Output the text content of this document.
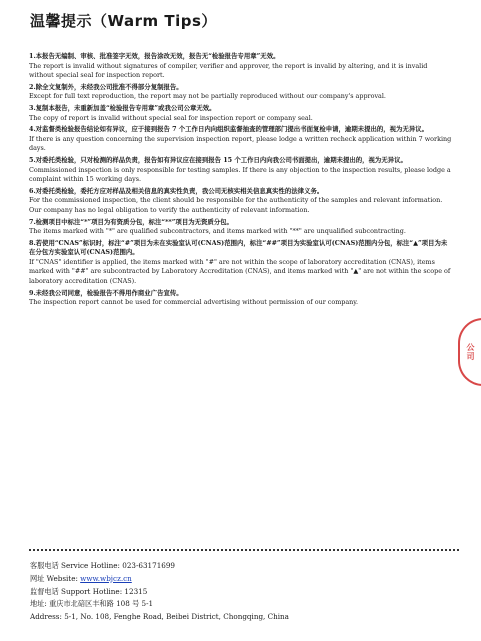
温馨提示（Warm Tips）
1.本报告无编制、审核、批准签字无效，报告涂改无效，报告无“检验报告专用章”无效。
The report is invalid without signatures of compiler, verifier and approver, the report is invalid by altering, and it is invalid without special seal for inspection report.
2.除全文复制外，未经我公司批准不得部分复制报告。
Except for full text reproduction, the report may not be partially reproduced without our company's approval.
3.复制本报告，未重新加盖“检验报告专用章”或我公司公章无效。
The copy of report is invalid without special seal for inspection report or company seal.
4.对监督类检验报告结论如有异议，应于接到报告 7 个工作日内向组织监督抽查的管理部门提出书面复检申请，逾期未提出的，视为无异议。
If there is any question concerning the supervision inspection report, please lodge a written recheck application within 7 working days.
5.对委托类检验，只对检测的样品负责，报告如有异议应在接到报告 15 个工作日内向我公司书面提出，逾期未提出的，视为无异议。
Commissioned inspection is only responsible for testing samples. If there is any objection to the inspection results, please lodge a complaint within 15 working days.
6.对委托类检验，委托方应对样品及相关信息的真实性负责，我公司无核实相关信息真实性的法律义务。
For the commissioned inspection, the client should be responsible for the authenticity of the samples and relevant information. Our company has no legal obligation to verify the authenticity of relevant information.
7.检测项目中标注“*”项目为有资质分包，标注“**”项目为无资质分包。
The items marked with "*" are qualified subcontractors, and items marked with "**" are unqualified subcontracting.
8.若使用“CNAS”标识时，标注“#”项目为未在实验室认可(CNAS)范围内，标注“##”项目为实验室认可(CNAS)范围内分包，标注“▲”项目为未在分包方实验室认可(CNAS)范围内。
If "CNAS" identifier is applied, the items marked with "#" are not within the scope of laboratory accreditation (CNAS), items marked with "##" are subcontracted by Laboratory Accreditation (CNAS), and items marked with "▲" are not within the scope of laboratory accreditation (CNAS).
9.未经我公司同意，检验报告不得用作商业广告宣传。
The inspection report cannot be used for commercial advertising without permission of our company.
公司
客服电话 Service Hotline: 023-63171699
网址 Website: www.wbjcz.cn
监督电话 Support Hotline: 12315
地址: 重庆市北碚区丰和路 108 号 5-1
Address: 5-1, No. 108, Fenghe Road, Beibei District, Chongqing, China
